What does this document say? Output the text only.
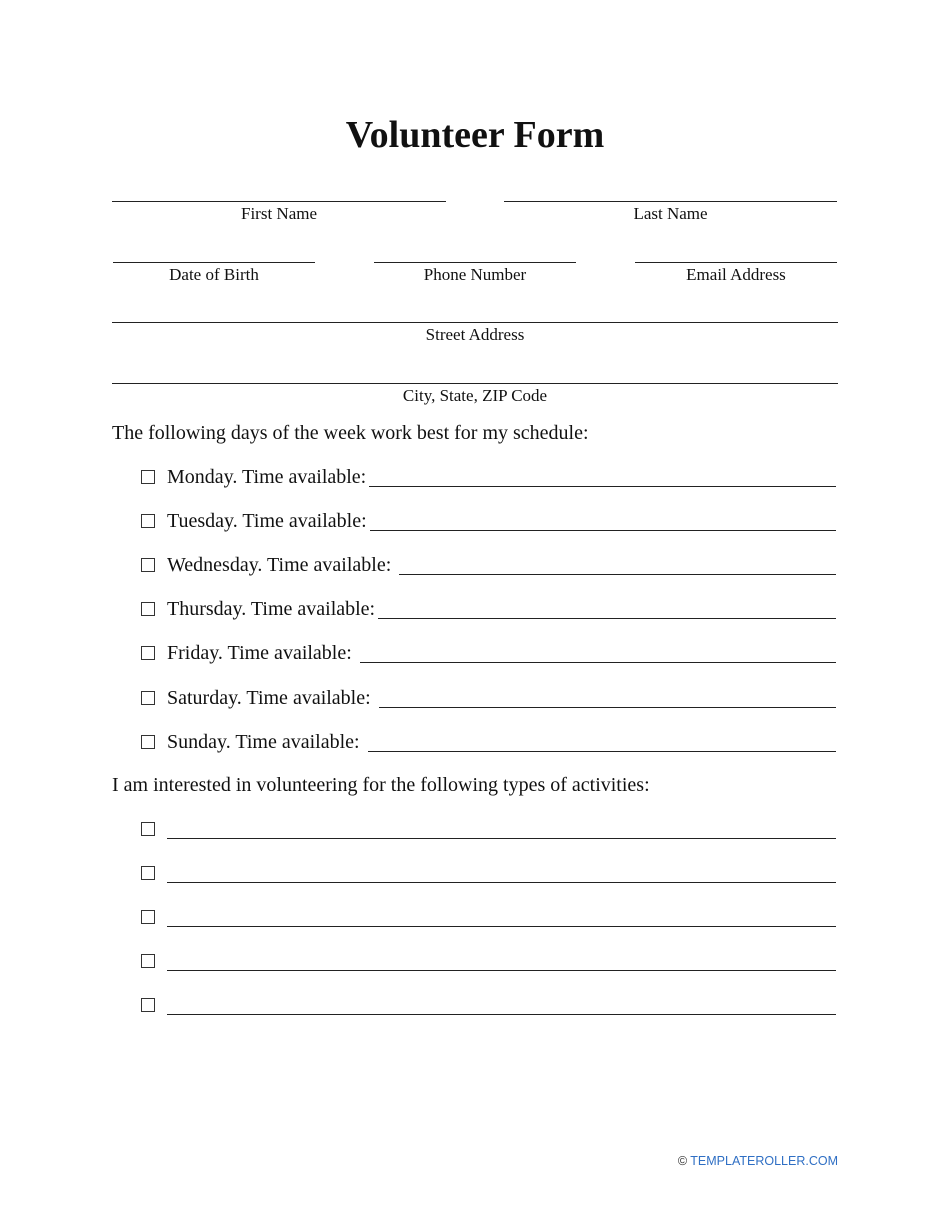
Volunteer Form
First Name	Last Name
Date of Birth	Phone Number	Email Address
Street Address
City, State, ZIP Code
The following days of the week work best for my schedule:
Monday. Time available:
Tuesday. Time available:
Wednesday. Time available:
Thursday. Time available:
Friday. Time available:
Saturday. Time available:
Sunday. Time available:
I am interested in volunteering for the following types of activities:
© TEMPLATEROLLER.COM
